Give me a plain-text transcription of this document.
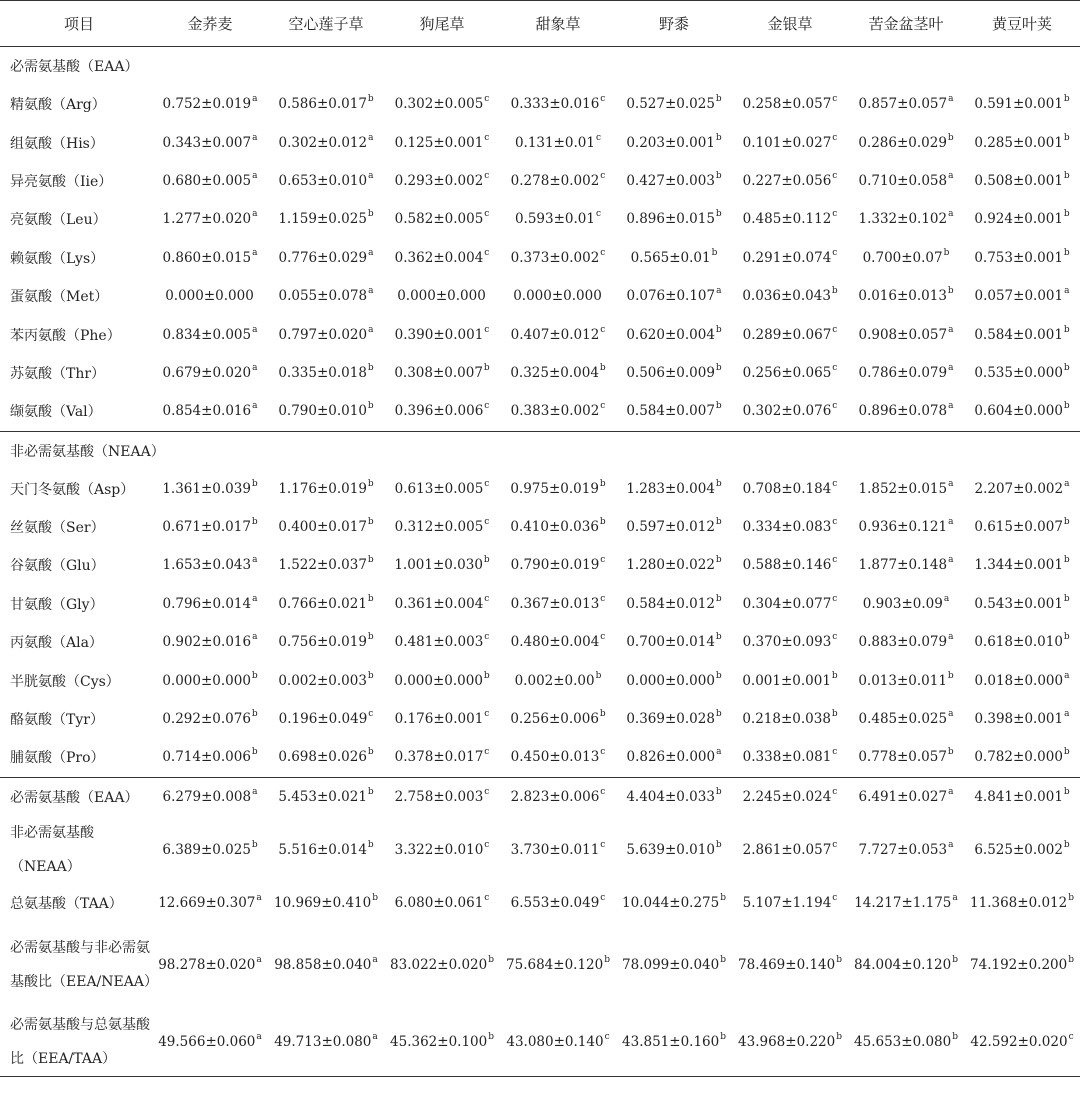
项目	金荞麦	空心莲子草	狗尾草	甜象草	野黍	金银草	苦金盆茎叶	黄豆叶荚
必需氨基酸（EAA）								
精氨酸（Arg）	0.752±0.019$^a$	0.586±0.017$^b$	0.302±0.005$^c$	0.333±0.016$^c$	0.527±0.025$^b$	0.258±0.057$^c$	0.857±0.057$^a$	0.591±0.001$^b$
组氨酸（His）	0.343±0.007$^a$	0.302±0.012$^a$	0.125±0.001$^c$	0.131±0.01$^c$	0.203±0.001$^b$	0.101±0.027$^c$	0.286±0.029$^b$	0.285±0.001$^b$
异亮氨酸（Iie）	0.680±0.005$^a$	0.653±0.010$^a$	0.293±0.002$^c$	0.278±0.002$^c$	0.427±0.003$^b$	0.227±0.056$^c$	0.710±0.058$^a$	0.508±0.001$^b$
亮氨酸（Leu）	1.277±0.020$^a$	1.159±0.025$^b$	0.582±0.005$^c$	0.593±0.01$^c$	0.896±0.015$^b$	0.485±0.112$^c$	1.332±0.102$^a$	0.924±0.001$^b$
赖氨酸（Lys）	0.860±0.015$^a$	0.776±0.029$^a$	0.362±0.004$^c$	0.373±0.002$^c$	0.565±0.01$^b$	0.291±0.074$^c$	0.700±0.07$^b$	0.753±0.001$^b$
蛋氨酸（Met）	0.000±0.000	0.055±0.078$^a$	0.000±0.000	0.000±0.000	0.076±0.107$^a$	0.036±0.043$^b$	0.016±0.013$^b$	0.057±0.001$^a$
苯丙氨酸（Phe）	0.834±0.005$^a$	0.797±0.020$^a$	0.390±0.001$^c$	0.407±0.012$^c$	0.620±0.004$^b$	0.289±0.067$^c$	0.908±0.057$^a$	0.584±0.001$^b$
苏氨酸（Thr）	0.679±0.020$^a$	0.335±0.018$^b$	0.308±0.007$^b$	0.325±0.004$^b$	0.506±0.009$^b$	0.256±0.065$^c$	0.786±0.079$^a$	0.535±0.000$^b$
缬氨酸（Val）	0.854±0.016$^a$	0.790±0.010$^b$	0.396±0.006$^c$	0.383±0.002$^c$	0.584±0.007$^b$	0.302±0.076$^c$	0.896±0.078$^a$	0.604±0.000$^b$
非必需氨基酸（NEAA）								
天门冬氨酸（Asp）	1.361±0.039$^b$	1.176±0.019$^b$	0.613±0.005$^c$	0.975±0.019$^b$	1.283±0.004$^b$	0.708±0.184$^c$	1.852±0.015$^a$	2.207±0.002$^a$
丝氨酸（Ser）	0.671±0.017$^b$	0.400±0.017$^b$	0.312±0.005$^c$	0.410±0.036$^b$	0.597±0.012$^b$	0.334±0.083$^c$	0.936±0.121$^a$	0.615±0.007$^b$
谷氨酸（Glu）	1.653±0.043$^a$	1.522±0.037$^b$	1.001±0.030$^b$	0.790±0.019$^c$	1.280±0.022$^b$	0.588±0.146$^c$	1.877±0.148$^a$	1.344±0.001$^b$
甘氨酸（Gly）	0.796±0.014$^a$	0.766±0.021$^b$	0.361±0.004$^c$	0.367±0.013$^c$	0.584±0.012$^b$	0.304±0.077$^c$	0.903±0.09$^a$	0.543±0.001$^b$
丙氨酸（Ala）	0.902±0.016$^a$	0.756±0.019$^b$	0.481±0.003$^c$	0.480±0.004$^c$	0.700±0.014$^b$	0.370±0.093$^c$	0.883±0.079$^a$	0.618±0.010$^b$
半胱氨酸（Cys）	0.000±0.000$^b$	0.002±0.003$^b$	0.000±0.000$^b$	0.002±0.00$^b$	0.000±0.000$^b$	0.001±0.001$^b$	0.013±0.011$^b$	0.018±0.000$^a$
酪氨酸（Tyr）	0.292±0.076$^b$	0.196±0.049$^c$	0.176±0.001$^c$	0.256±0.006$^b$	0.369±0.028$^b$	0.218±0.038$^b$	0.485±0.025$^a$	0.398±0.001$^a$
脯氨酸（Pro）	0.714±0.006$^b$	0.698±0.026$^b$	0.378±0.017$^c$	0.450±0.013$^c$	0.826±0.000$^a$	0.338±0.081$^c$	0.778±0.057$^b$	0.782±0.000$^b$
必需氨基酸（EAA）	6.279±0.008$^a$	5.453±0.021$^b$	2.758±0.003$^c$	2.823±0.006$^c$	4.404±0.033$^b$	2.245±0.024$^c$	6.491±0.027$^a$	4.841±0.001$^b$
非必需氨基酸（NEAA）	6.389±0.025$^b$	5.516±0.014$^b$	3.322±0.010$^c$	3.730±0.011$^c$	5.639±0.010$^b$	2.861±0.057$^c$	7.727±0.053$^a$	6.525±0.002$^b$
总氨基酸（TAA）	12.669±0.307$^a$	10.969±0.410$^b$	6.080±0.061$^c$	6.553±0.049$^c$	10.044±0.275$^b$	5.107±1.194$^c$	14.217±1.175$^a$	11.368±0.012$^b$
必需氨基酸与非必需氨基酸比（EEA/NEAA）	98.278±0.020$^a$	98.858±0.040$^a$	83.022±0.020$^b$	75.684±0.120$^b$	78.099±0.040$^b$	78.469±0.140$^b$	84.004±0.120$^b$	74.192±0.200$^b$
必需氨基酸与总氨基酸比（EEA/TAA）	49.566±0.060$^a$	49.713±0.080$^a$	45.362±0.100$^b$	43.080±0.140$^c$	43.851±0.160$^b$	43.968±0.220$^b$	45.653±0.080$^b$	42.592±0.020$^c$
